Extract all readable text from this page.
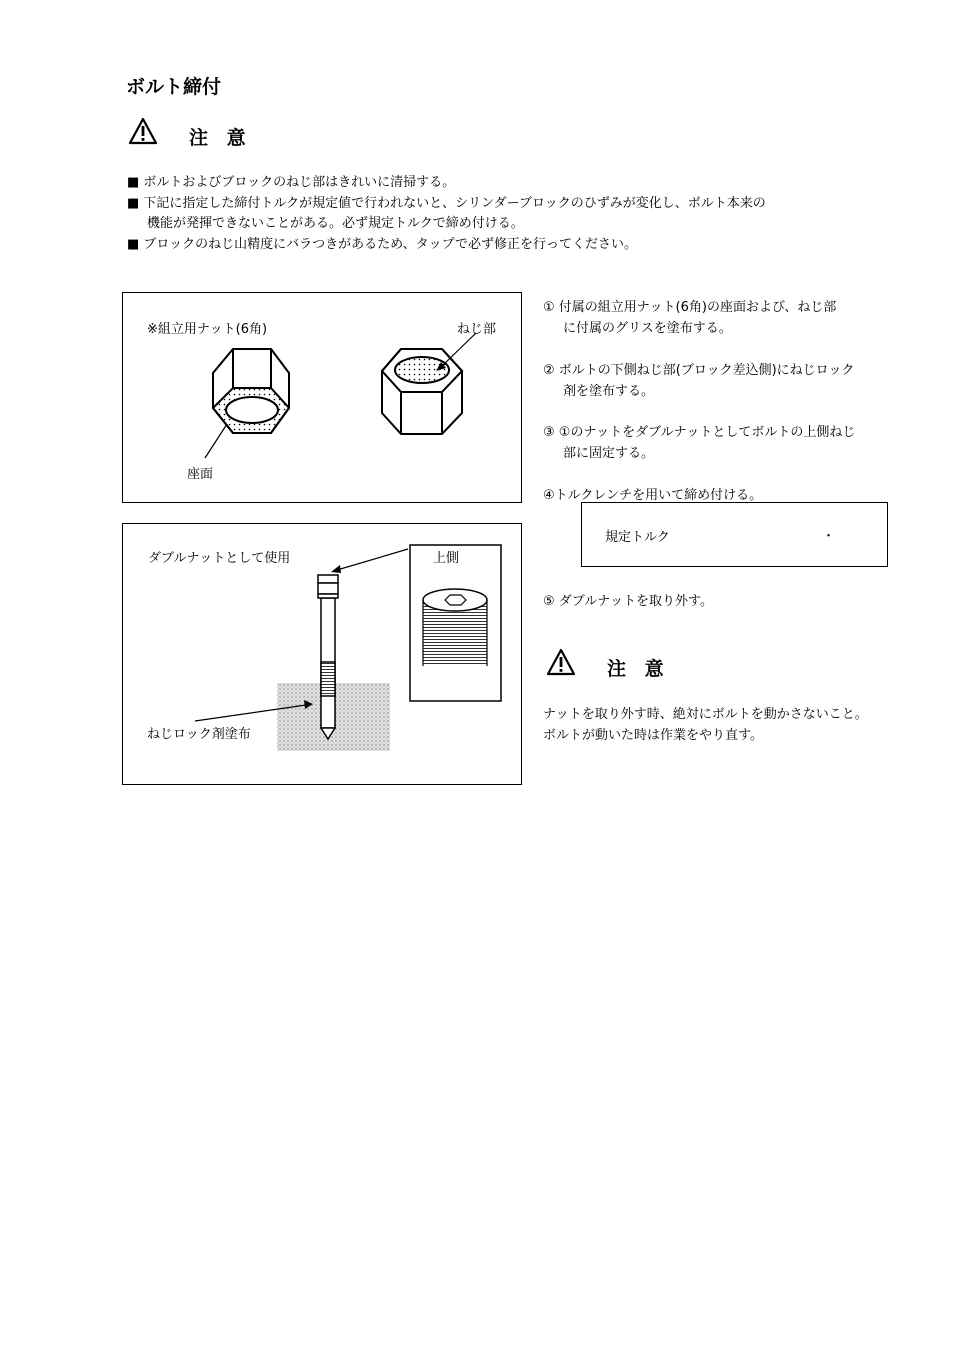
ボルト締付
注 意
■ ボルトおよびブロックのねじ部はきれいに清掃する。
■ 下記に指定した締付トルクが規定値で行われないと、シリンダーブロックのひずみが変化し、ボルト本来の
機能が発揮できないことがある。必ず規定トルクで締め付ける。
■ ブロックのねじ山精度にバラつきがあるため、タップで必ず修正を行ってください。
※組立用ナット(6角)	ねじ部
座面
ダブルナットとして使用	上側
ねじロック剤塗布
① 付属の組立用ナット(6角)の座面および、ねじ部
に付属のグリスを塗布する。
② ボルトの下側ねじ部(ブロック差込側)にねじロック
剤を塗布する。
③ ①のナットをダブルナットとしてボルトの上側ねじ
部に固定する。
④トルクレンチを用いて締め付ける。
規定トルク	・
⑤ ダブルナットを取り外す。
注 意
ナットを取り外す時、絶対にボルトを動かさないこと。
ボルトが動いた時は作業をやり直す。
